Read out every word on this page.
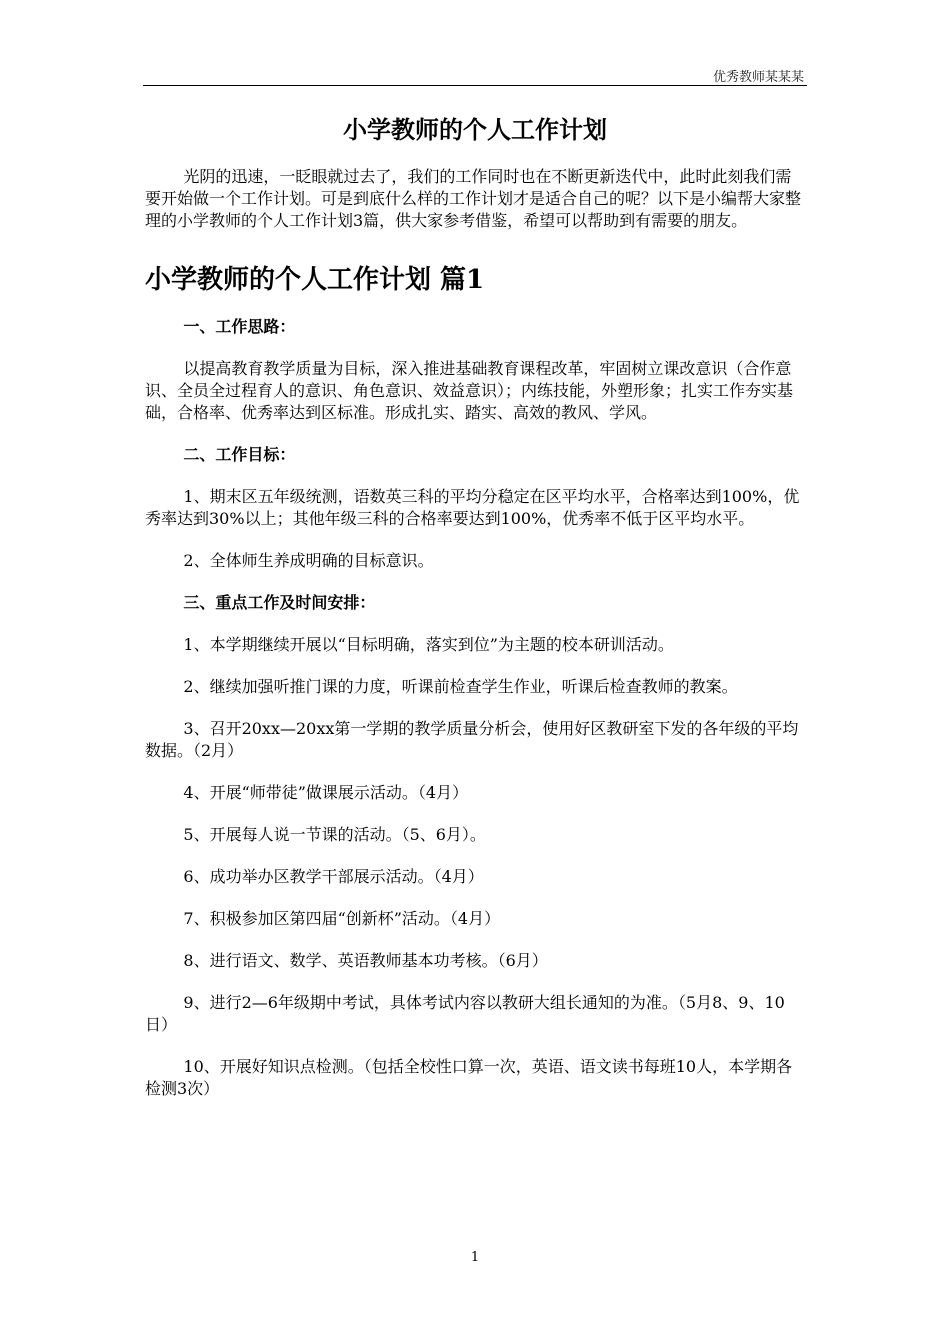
优秀教师某某某
小学教师的个人工作计划

光阴的迅速，一眨眼就过去了，我们的工作同时也在不断更新迭代中，此时此刻我们需要开始做一个工作计划。可是到底什么样的工作计划才是适合自己的呢？以下是小编帮大家整理的小学教师的个人工作计划3篇，供大家参考借鉴，希望可以帮助到有需要的朋友。

小学教师的个人工作计划 篇1

一、工作思路：

以提高教育教学质量为目标，深入推进基础教育课程改革，牢固树立课改意识（合作意识、全员全过程育人的意识、角色意识、效益意识）；内练技能，外塑形象；扎实工作夯实基础，合格率、优秀率达到区标准。形成扎实、踏实、高效的教风、学风。

二、工作目标：

1、期末区五年级统测，语数英三科的平均分稳定在区平均水平，合格率达到100%，优秀率达到30%以上；其他年级三科的合格率要达到100%，优秀率不低于区平均水平。

2、全体师生养成明确的目标意识。

三、重点工作及时间安排：

1、本学期继续开展以“目标明确，落实到位”为主题的校本研训活动。

2、继续加强听推门课的力度，听课前检查学生作业，听课后检查教师的教案。

3、召开20xx—20xx第一学期的教学质量分析会，使用好区教研室下发的各年级的平均数据。（2月）

4、开展“师带徒”做课展示活动。（4月）

5、开展每人说一节课的活动。（5、6月）。

6、成功举办区教学干部展示活动。（4月）

7、积极参加区第四届“创新杯”活动。（4月）

8、进行语文、数学、英语教师基本功考核。（6月）

9、进行2—6年级期中考试，具体考试内容以教研大组长通知的为准。（5月8、9、10日）

10、开展好知识点检测。（包括全校性口算一次，英语、语文读书每班10人，本学期各检测3次）

1
